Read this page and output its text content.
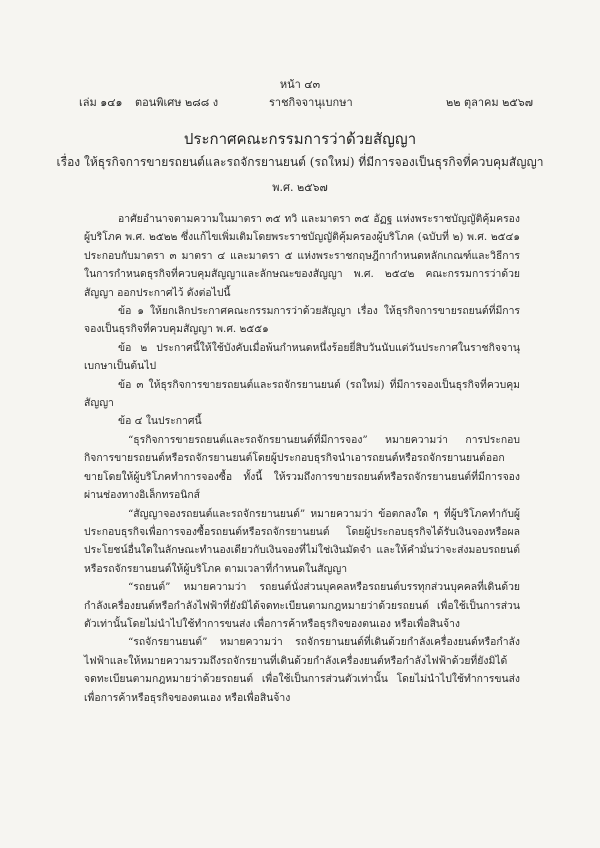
หน้า ๔๓
เล่ม ๑๔๑ ตอนพิเศษ ๒๘๘ ง	ราชกิจจานุเบกษา	๒๒ ตุลาคม ๒๕๖๗
ประกาศคณะกรรมการว่าด้วยสัญญา
เรื่อง ให้ธุรกิจการขายรถยนต์และรถจักรยานยนต์ (รถใหม่) ที่มีการจองเป็นธุรกิจที่ควบคุมสัญญา
พ.ศ. ๒๕๖๗

อาศัยอำนาจตามความในมาตรา ๓๕ ทวิ และมาตรา ๓๕ อัฏฐ แห่งพระราชบัญญัติคุ้มครองผู้บริโภค พ.ศ. ๒๕๒๒ ซึ่งแก้ไขเพิ่มเติมโดยพระราชบัญญัติคุ้มครองผู้บริโภค (ฉบับที่ ๒) พ.ศ. ๒๕๔๑ ประกอบกับมาตรา ๓ มาตรา ๔ และมาตรา ๕ แห่งพระราชกฤษฎีกากำหนดหลักเกณฑ์และวิธีการในการกำหนดธุรกิจที่ควบคุมสัญญาและลักษณะของสัญญา พ.ศ. ๒๕๔๒ คณะกรรมการว่าด้วยสัญญา ออกประกาศไว้ ดังต่อไปนี้

ข้อ ๑ ให้ยกเลิกประกาศคณะกรรมการว่าด้วยสัญญา เรื่อง ให้ธุรกิจการขายรถยนต์ที่มีการจองเป็นธุรกิจที่ควบคุมสัญญา พ.ศ. ๒๕๕๑

ข้อ ๒ ประกาศนี้ให้ใช้บังคับเมื่อพ้นกำหนดหนึ่งร้อยยี่สิบวันนับแต่วันประกาศในราชกิจจานุเบกษาเป็นต้นไป

ข้อ ๓ ให้ธุรกิจการขายรถยนต์และรถจักรยานยนต์ (รถใหม่) ที่มีการจองเป็นธุรกิจที่ควบคุมสัญญา

ข้อ ๔ ในประกาศนี้

“ธุรกิจการขายรถยนต์และรถจักรยานยนต์ที่มีการจอง” หมายความว่า การประกอบกิจการขายรถยนต์หรือรถจักรยานยนต์โดยผู้ประกอบธุรกิจนำเอารถยนต์หรือรถจักรยานยนต์ออกขายโดยให้ผู้บริโภคทำการจองซื้อ ทั้งนี้ ให้รวมถึงการขายรถยนต์หรือรถจักรยานยนต์ที่มีการจองผ่านช่องทางอิเล็กทรอนิกส์

“สัญญาจองรถยนต์และรถจักรยานยนต์” หมายความว่า ข้อตกลงใด ๆ ที่ผู้บริโภคทำกับผู้ประกอบธุรกิจเพื่อการจองซื้อรถยนต์หรือรถจักรยานยนต์ โดยผู้ประกอบธุรกิจได้รับเงินจองหรือผลประโยชน์อื่นใดในลักษณะทำนองเดียวกับเงินจองที่ไม่ใช่เงินมัดจำ และให้คำมั่นว่าจะส่งมอบรถยนต์หรือรถจักรยานยนต์ให้ผู้บริโภค ตามเวลาที่กำหนดในสัญญา

“รถยนต์” หมายความว่า รถยนต์นั่งส่วนบุคคลหรือรถยนต์บรรทุกส่วนบุคคลที่เดินด้วยกำลังเครื่องยนต์หรือกำลังไฟฟ้าที่ยังมิได้จดทะเบียนตามกฎหมายว่าด้วยรถยนต์ เพื่อใช้เป็นการส่วนตัวเท่านั้นโดยไม่นำไปใช้ทำการขนส่ง เพื่อการค้าหรือธุรกิจของตนเอง หรือเพื่อสินจ้าง

“รถจักรยานยนต์” หมายความว่า รถจักรยานยนต์ที่เดินด้วยกำลังเครื่องยนต์หรือกำลังไฟฟ้าและให้หมายความรวมถึงรถจักรยานที่เดินด้วยกำลังเครื่องยนต์หรือกำลังไฟฟ้าด้วยที่ยังมิได้จดทะเบียนตามกฎหมายว่าด้วยรถยนต์ เพื่อใช้เป็นการส่วนตัวเท่านั้น โดยไม่นำไปใช้ทำการขนส่ง เพื่อการค้าหรือธุรกิจของตนเอง หรือเพื่อสินจ้าง
